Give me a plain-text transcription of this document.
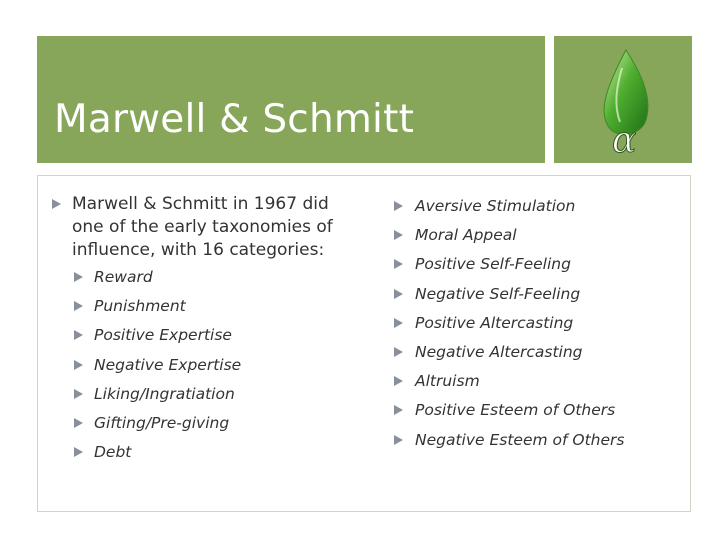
Marwell & Schmitt	α
Marwell & Schmitt in 1967 did
one of the early taxonomies of
influence, with 16 categories:
Reward
Punishment
Positive Expertise
Negative Expertise
Liking/Ingratiation
Gifting/Pre-giving
Debt
Aversive Stimulation
Moral Appeal
Positive Self-Feeling
Negative Self-Feeling
Positive Altercasting
Negative Altercasting
Altruism
Positive Esteem of Others
Negative Esteem of Others
